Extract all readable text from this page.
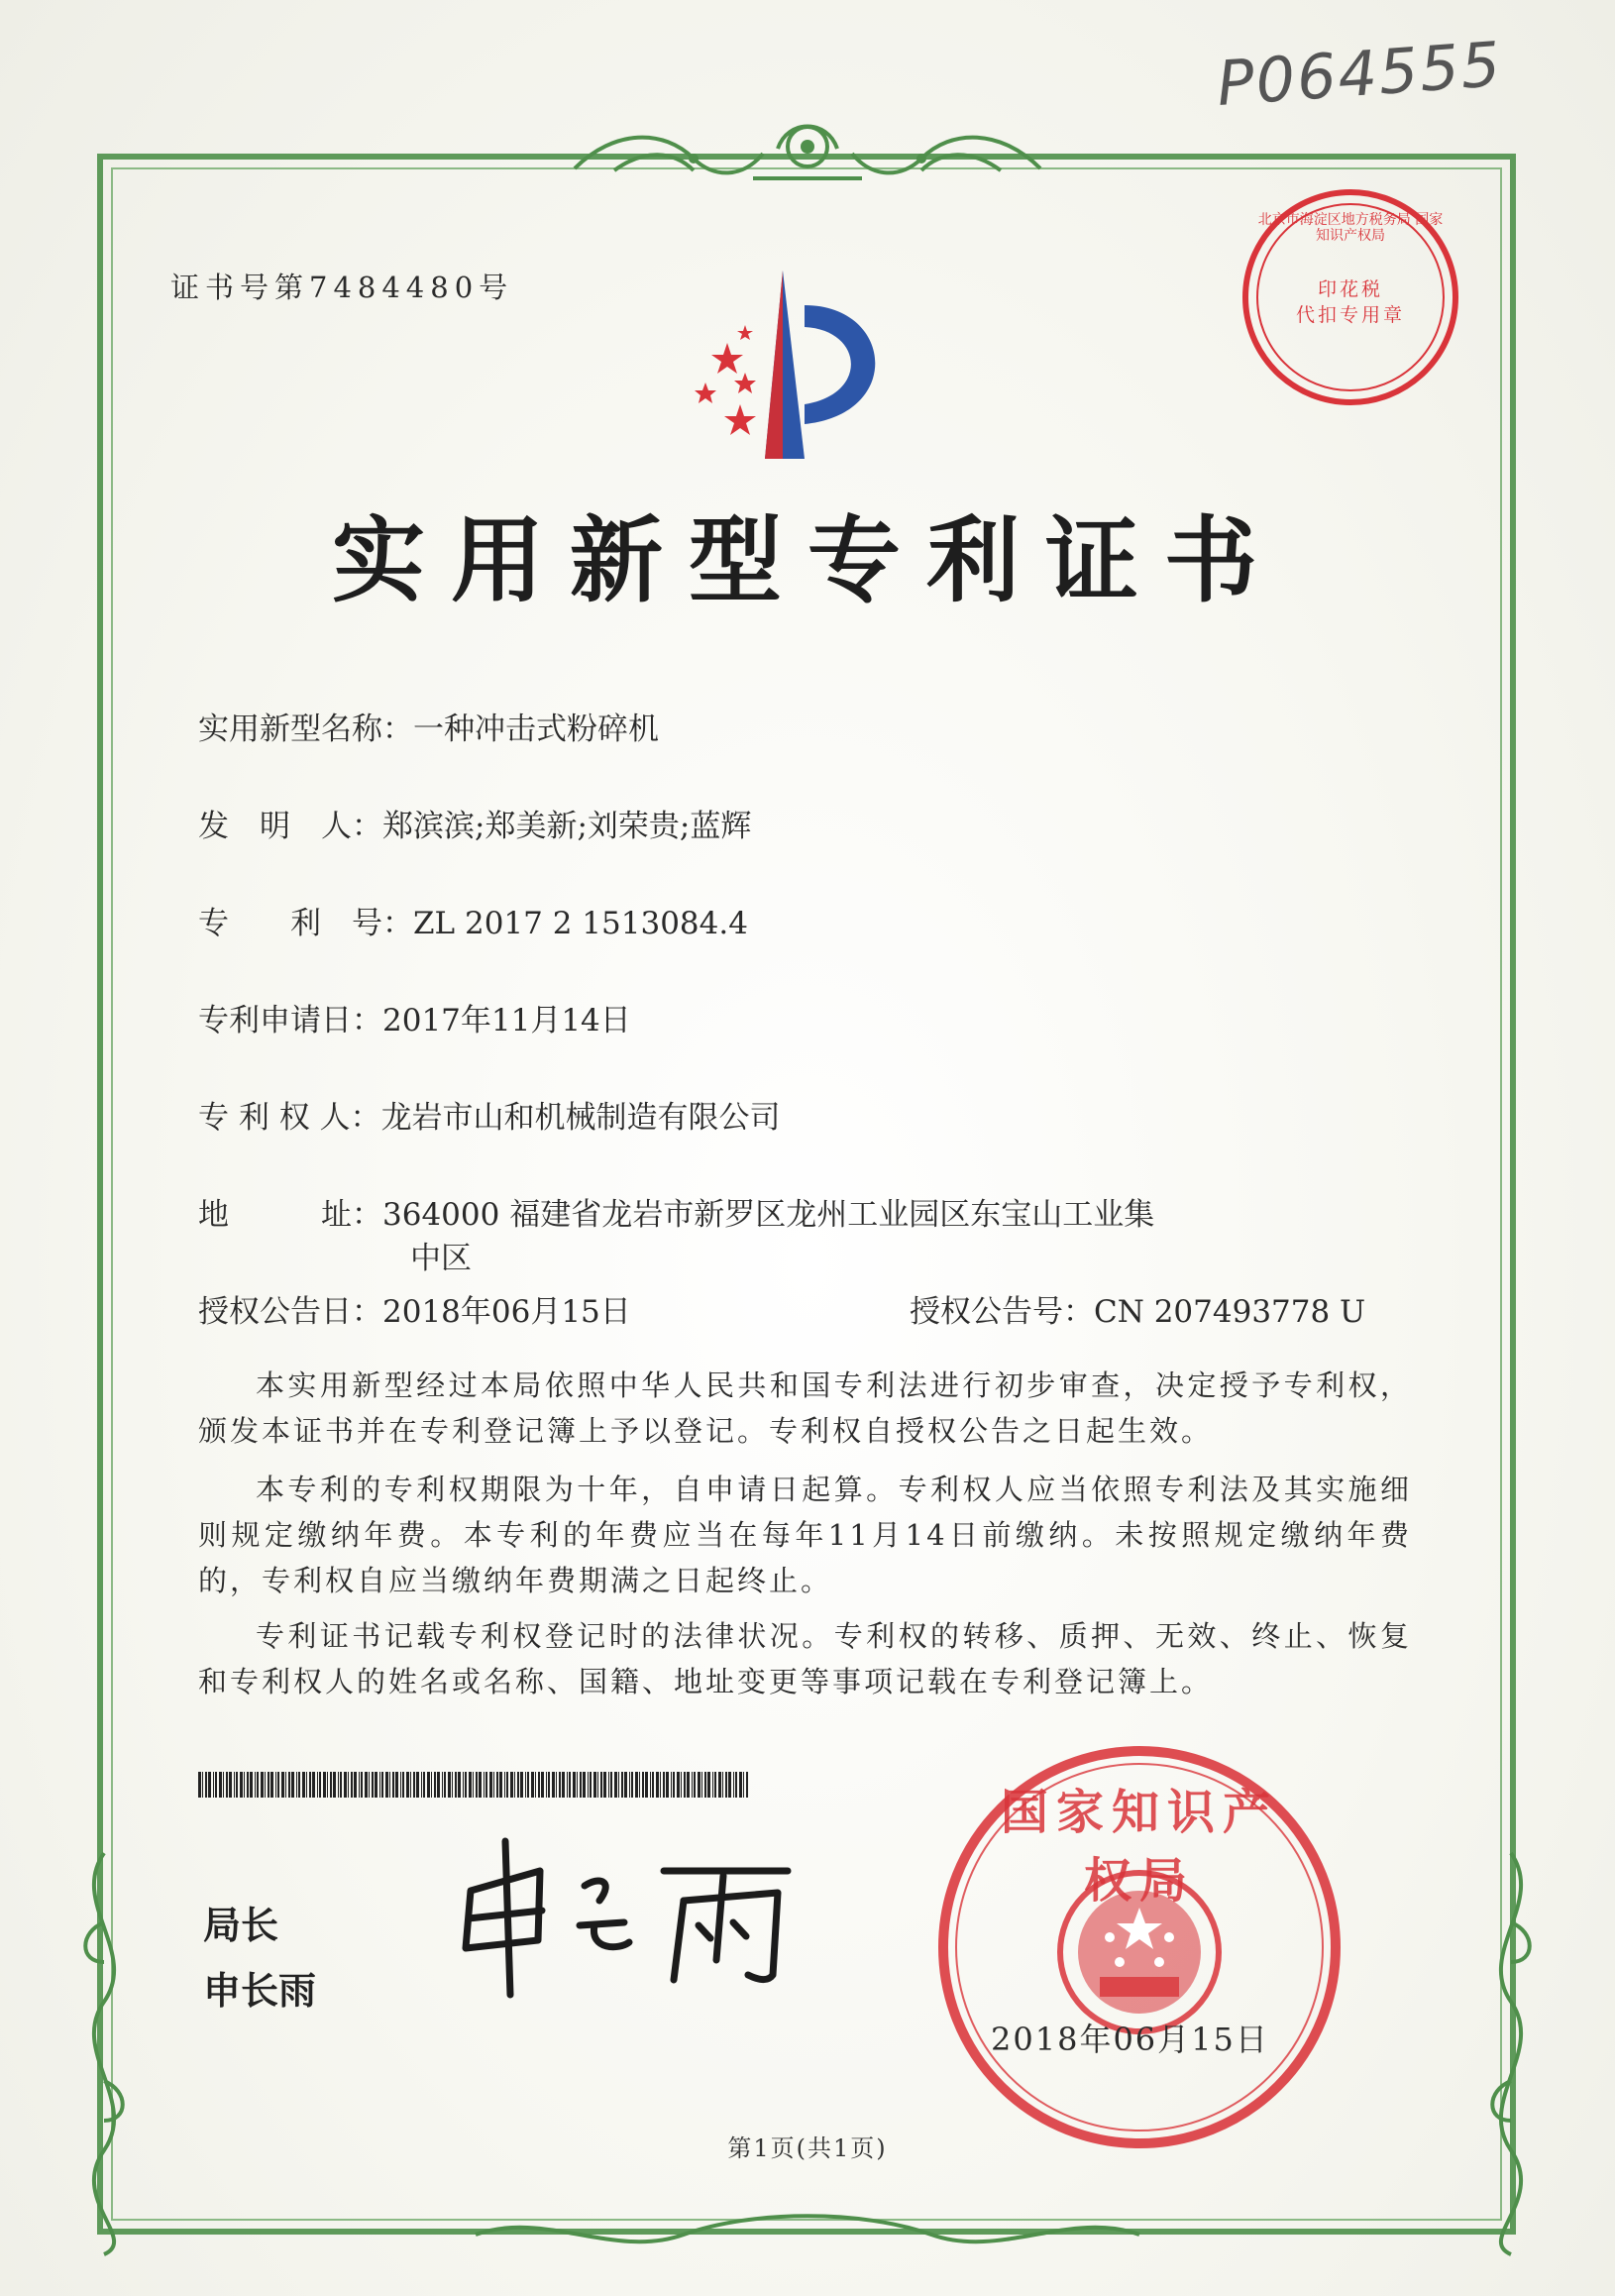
P064555
证书号第7484480号
北京市海淀区地方税务局 国家知识产权局
印花税
代扣专用章
实用新型专利证书
实用新型名称：一种冲击式粉碎机
发　明　人：郑滨滨;郑美新;刘荣贵;蓝辉
专　　利　号：ZL 2017 2 1513084.4
专利申请日：2017年11月14日
专 利 权 人：龙岩市山和机械制造有限公司
地　　　址：364000 福建省龙岩市新罗区龙州工业园区东宝山工业集
中区
授权公告日：2018年06月15日	授权公告号：CN 207493778 U
本实用新型经过本局依照中华人民共和国专利法进行初步审查，决定授予专利权，颁发本证书并在专利登记簿上予以登记。专利权自授权公告之日起生效。
本专利的专利权期限为十年，自申请日起算。专利权人应当依照专利法及其实施细则规定缴纳年费。本专利的年费应当在每年11月14日前缴纳。未按照规定缴纳年费的，专利权自应当缴纳年费期满之日起终止。
专利证书记载专利权登记时的法律状况。专利权的转移、质押、无效、终止、恢复和专利权人的姓名或名称、国籍、地址变更等事项记载在专利登记簿上。
局长
申长雨
国家知识产权局
2018年06月15日
第1页(共1页)
